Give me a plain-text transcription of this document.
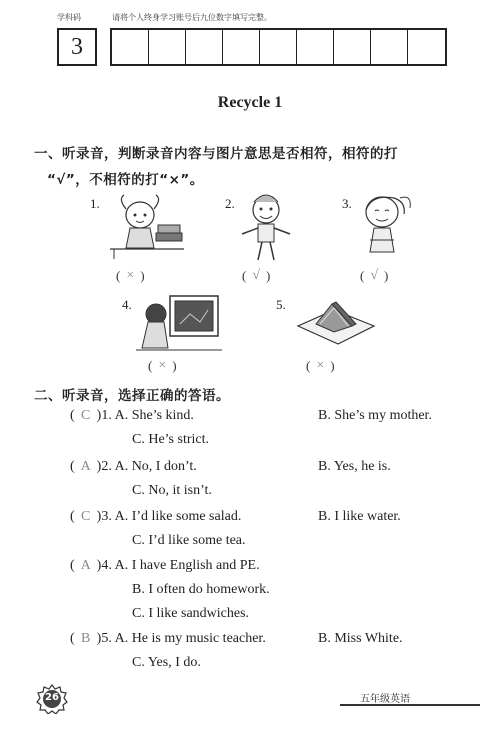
学科码	请将个人终身学习账号后九位数字填写完整。
3
Recycle 1
一、听录音，判断录音内容与图片意思是否相符，相符的打
“√”，不相符的打“×”。
1.
( × )
2.
( √ )
3.
( √ )
4.
( × )
5.
( × )
二、听录音，选择正确的答语。
( C )1. A. She’s kind.	B. She’s my mother.
C. He’s strict.
( A )2. A. No, I don’t.	B. Yes, he is.
C. No, it isn’t.
( C )3. A. I’d like some salad.	B. I like water.
C. I’d like some tea.
( A )4. A. I have English and PE.
B. I often do homework.
C. I like sandwiches.
( B )5. A. He is my music teacher.	B. Miss White.
C. Yes, I do.
26	五年级英语
